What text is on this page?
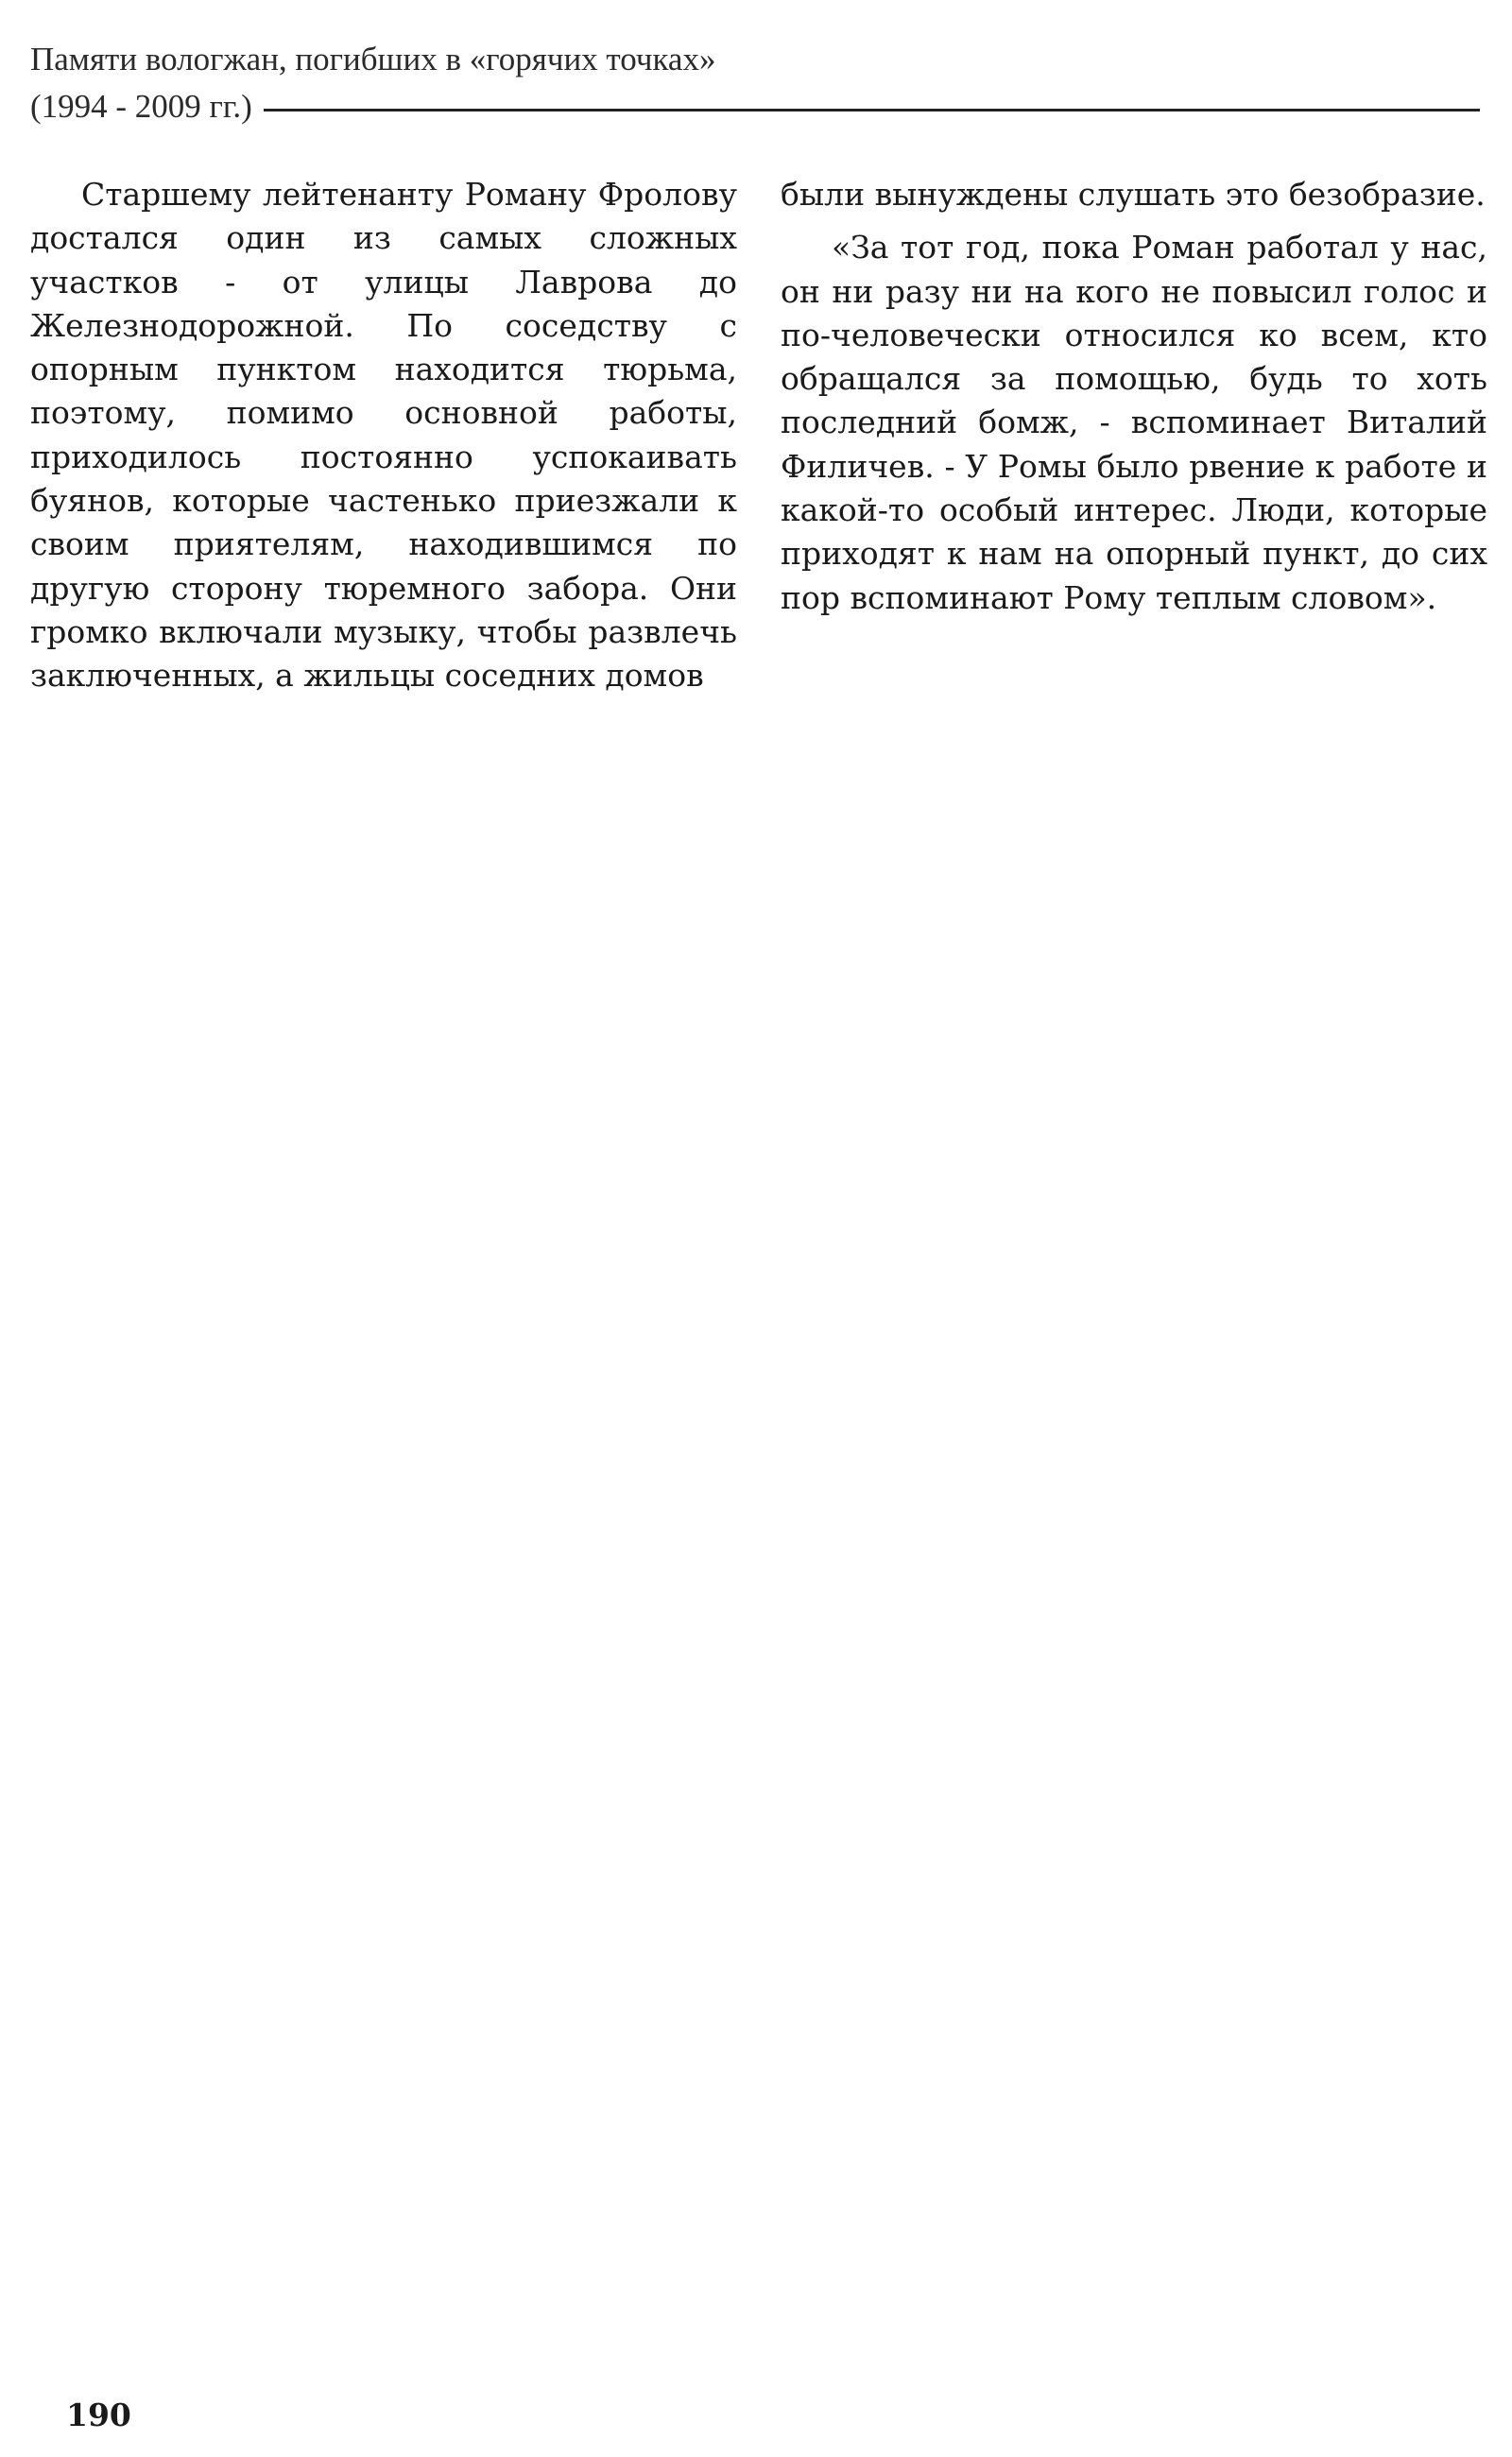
Памяти вологжан, погибших в «горячих точках»
(1994 - 2009 гг.)

Старшему лейтенанту Роману Фролову достался один из самых сложных участков - от улицы Лаврова до Железнодорожной. По соседству с опорным пунктом находится тюрьма, поэтому, помимо основной работы, приходилось постоянно успокаивать буянов, которые частенько приезжали к своим приятелям, находившимся по другую сторону тюремного забора. Они громко включали музыку, чтобы развлечь заключенных, а жильцы соседних домов

были вынуждены слушать это безобразие.

«За тот год, пока Роман работал у нас, он ни разу ни на кого не повысил голос и по-человечески относился ко всем, кто обращался за помощью, будь то хоть последний бомж, - вспоминает Виталий Филичев. - У Ромы было рвение к работе и какой-то особый интерес. Люди, которые приходят к нам на опорный пункт, до сих пор вспоминают Рому теплым словом».

190
